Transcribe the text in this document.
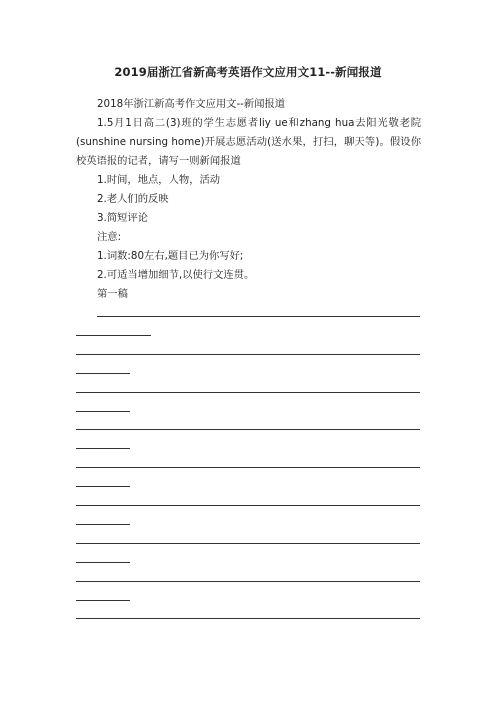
2019届浙江省新高考英语作文应用文11--新闻报道

2018年浙江新高考作文应用文--新闻报道

1.5月1日高二(3)班的学生志愿者liy ue和zhang hua去阳光敬老院(sunshine nursing home)开展志愿活动(送水果，打扫，聊天等)。假设你校英语报的记者，请写一则新闻报道

1.时间，地点，人物，活动

2.老人们的反映

3.简短评论

注意:

1.词数:80左右,题目已为你写好;

2.可适当增加细节,以使行文连贯。

第一稿
